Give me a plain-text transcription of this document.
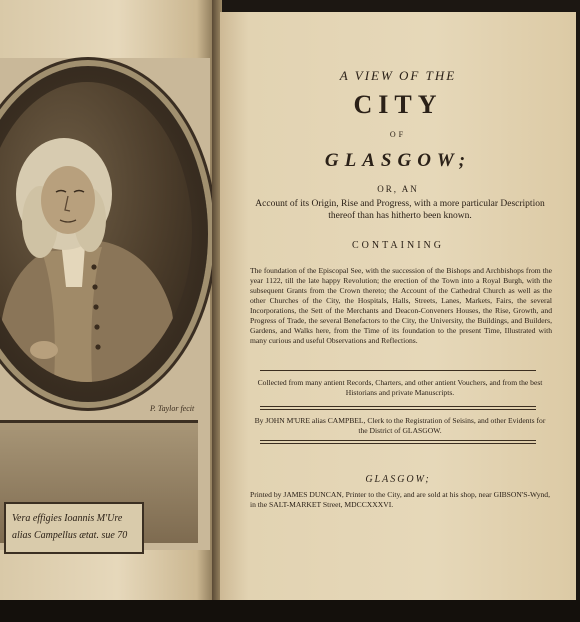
P. Taylor fecit
Vera effigies Ioannis M'Ure
alias Campellus ætat. sue 70
A VIEW OF THE
CITY
OF
GLASGOW;
OR, AN
Account of its Origin, Rise and Progress, with a more particular Description thereof than has hitherto been known.
CONTAINING
The foundation of the Episcopal See, with the succession of the Bishops and Archbishops from the year 1122, till the late happy Revolution; the erection of the Town into a Royal Burgh, with the subsequent Grants from the Crown thereto; the Account of the Cathedral Church as well as the other Churches of the City, the Hospitals, Halls, Streets, Lanes, Markets, Fairs, the several Incorporations, the Sett of the Merchants and Deacon-Conveners Houses, the Rise, Growth, and Progress of Trade, the several Benefactors to the City, the University, the Buildings, and Builders, Gardens, and Walks here, from the Time of its foundation to the present Time, Illustrated with many curious and useful Observations and Reflections.
Collected from many antient Records, Charters, and other antient Vouchers, and from the best Historians and private Manuscripts.
By JOHN M'URE alias CAMPBEL, Clerk to the Registration of Seisins, and other Evidents for the District of GLASGOW.
GLASGOW;
Printed by JAMES DUNCAN, Printer to the City, and are sold at his shop, near GIBSON'S-Wynd, in the SALT-MARKET Street, MDCCXXXVI.
